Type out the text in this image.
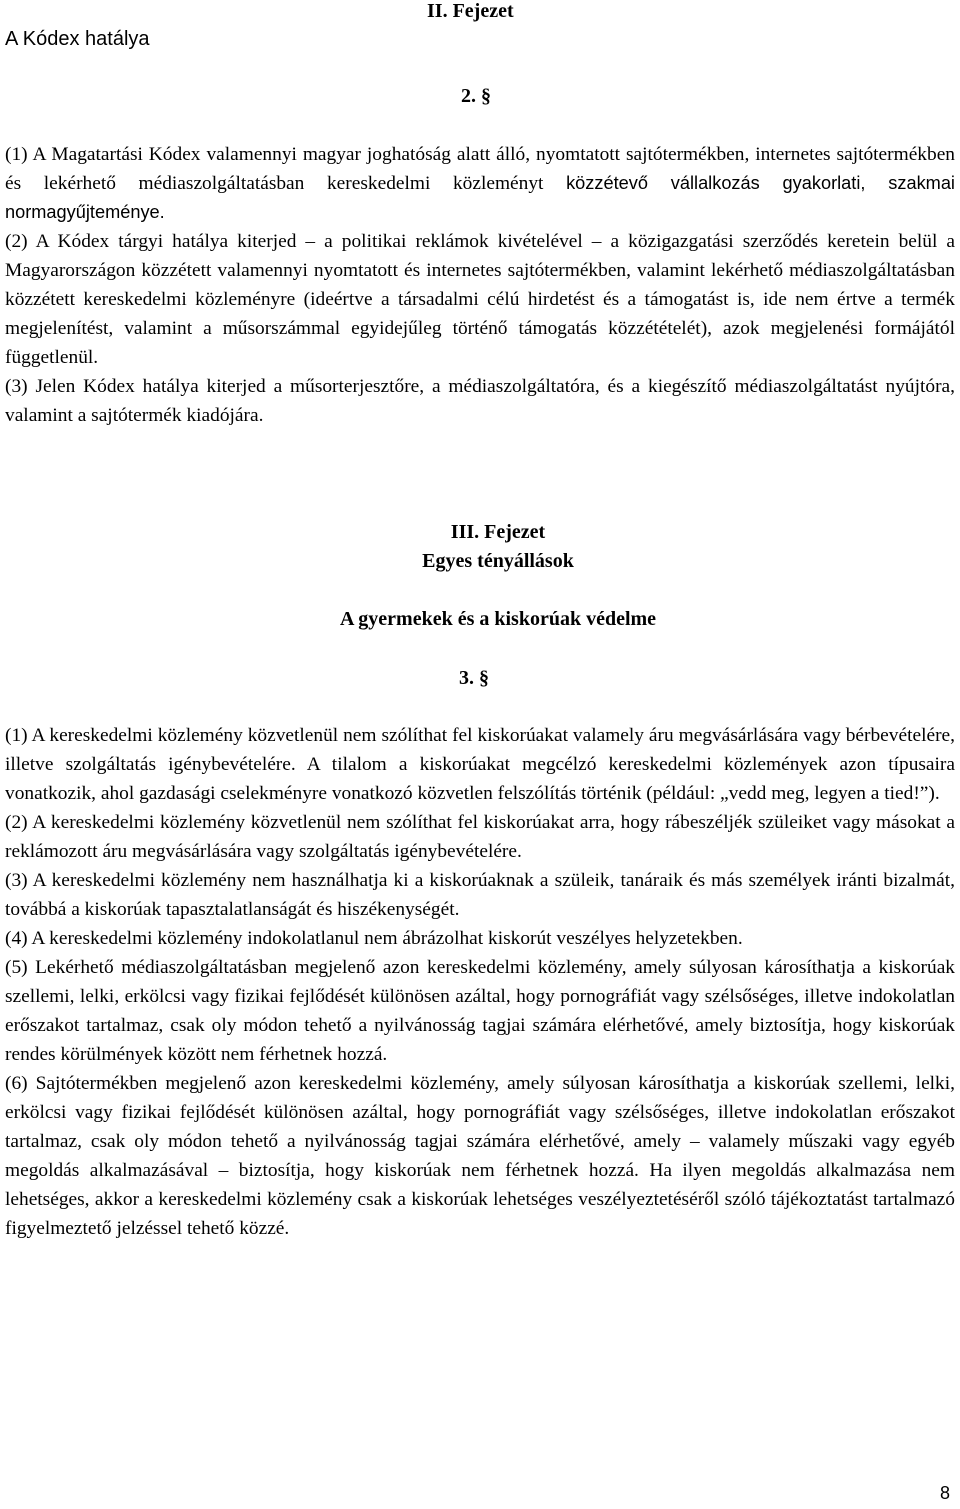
A Kódex hatálya
II. Fejezet
2. §

(1) A Magatartási Kódex valamennyi magyar joghatóság alatt álló, nyomtatott sajtótermékben, internetes sajtótermékben és lekérhető médiaszolgáltatásban kereskedelmi közleményt közzétevő vállalkozás gyakorlati, szakmai normagyűjteménye.

(2) A Kódex tárgyi hatálya kiterjed – a politikai reklámok kivételével – a közigazgatási szerződés keretein belül a Magyarországon közzétett valamennyi nyomtatott és internetes sajtótermékben, valamint lekérhető médiaszolgáltatásban közzétett kereskedelmi közleményre (ideértve a társadalmi célú hirdetést és a támogatást is, ide nem értve a termék megjelenítést, valamint a műsorszámmal egyidejűleg történő támogatás közzétételét), azok megjelenési formájától függetlenül.

(3) Jelen Kódex hatálya kiterjed a műsorterjesztőre, a médiaszolgáltatóra, és a kiegészítő médiaszolgáltatást nyújtóra, valamint a sajtótermék kiadójára.

III. Fejezet
Egyes tényállások
A gyermekek és a kiskorúak védelme
3. §

(1) A kereskedelmi közlemény közvetlenül nem szólíthat fel kiskorúakat valamely áru megvásárlására vagy bérbevételére, illetve szolgáltatás igénybevételére. A tilalom a kiskorúakat megcélzó kereskedelmi közlemények azon típusaira vonatkozik, ahol gazdasági cselekményre vonatkozó közvetlen felszólítás történik (például: „vedd meg, legyen a tied!”).

(2) A kereskedelmi közlemény közvetlenül nem szólíthat fel kiskorúakat arra, hogy rábeszéljék szüleiket vagy másokat a reklámozott áru megvásárlására vagy szolgáltatás igénybevételére.

(3) A kereskedelmi közlemény nem használhatja ki a kiskorúaknak a szüleik, tanáraik és más személyek iránti bizalmát, továbbá a kiskorúak tapasztalatlanságát és hiszékenységét.

(4) A kereskedelmi közlemény indokolatlanul nem ábrázolhat kiskorút veszélyes helyzetekben.

(5) Lekérhető médiaszolgáltatásban megjelenő azon kereskedelmi közlemény, amely súlyosan károsíthatja a kiskorúak szellemi, lelki, erkölcsi vagy fizikai fejlődését különösen azáltal, hogy pornográfiát vagy szélsőséges, illetve indokolatlan erőszakot tartalmaz, csak oly módon tehető a nyilvánosság tagjai számára elérhetővé, amely biztosítja, hogy kiskorúak rendes körülmények között nem férhetnek hozzá.

(6) Sajtótermékben megjelenő azon kereskedelmi közlemény, amely súlyosan károsíthatja a kiskorúak szellemi, lelki, erkölcsi vagy fizikai fejlődését különösen azáltal, hogy pornográfiát vagy szélsőséges, illetve indokolatlan erőszakot tartalmaz, csak oly módon tehető a nyilvánosság tagjai számára elérhetővé, amely – valamely műszaki vagy egyéb megoldás alkalmazásával – biztosítja, hogy kiskorúak nem férhetnek hozzá. Ha ilyen megoldás alkalmazása nem lehetséges, akkor a kereskedelmi közlemény csak a kiskorúak lehetséges veszélyeztetéséről szóló tájékoztatást tartalmazó figyelmeztető jelzéssel tehető közzé.

8
